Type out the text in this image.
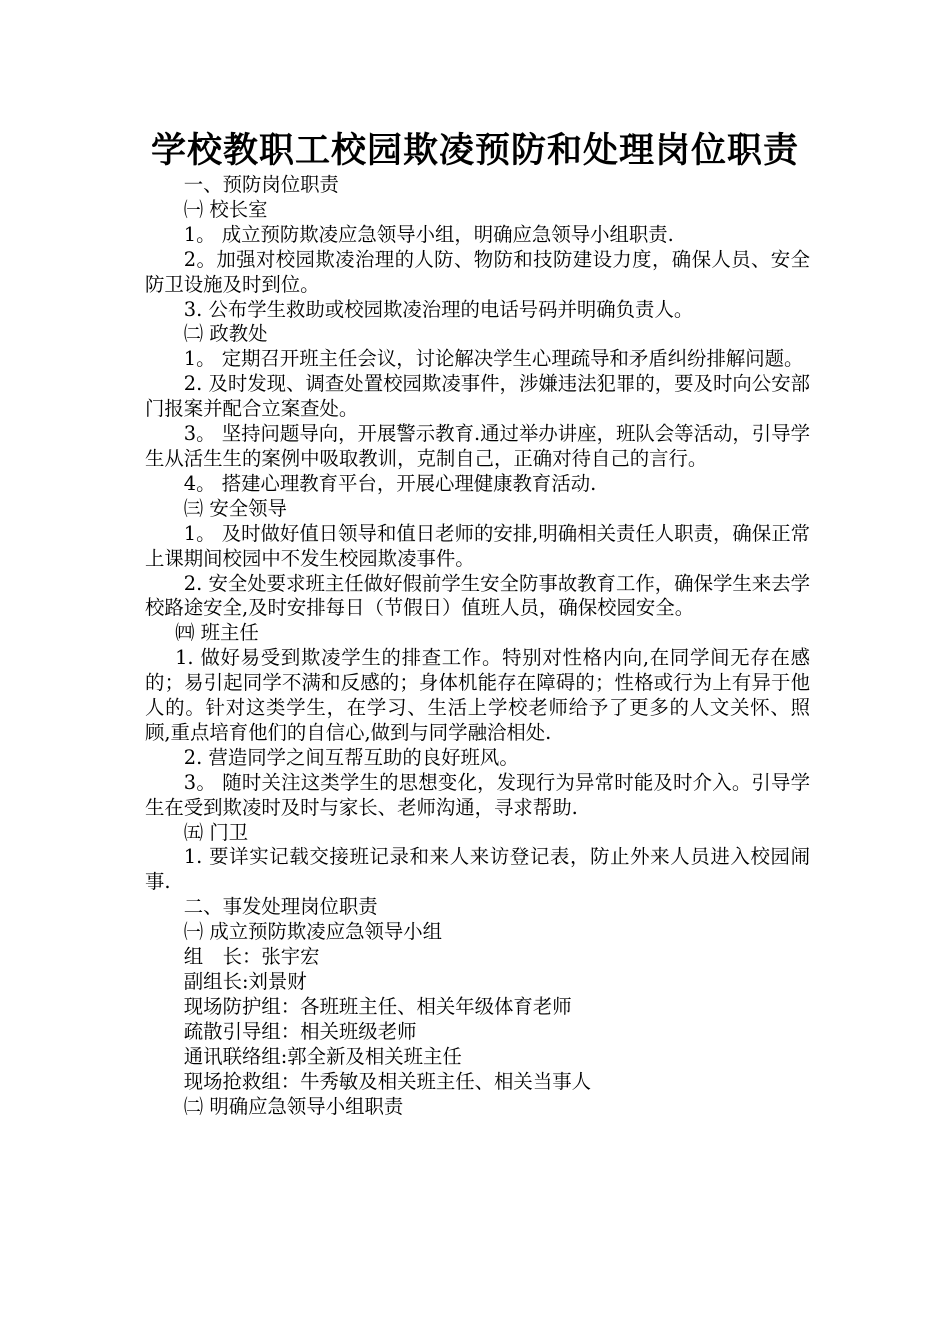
学校教职工校园欺凌预防和处理岗位职责

一、预防岗位职责

㈠ 校长室

1。 成立预防欺凌应急领导小组，明确应急领导小组职责.

2。加强对校园欺凌治理的人防、物防和技防建设力度，确保人员、安全防卫设施及时到位。

3. 公布学生救助或校园欺凌治理的电话号码并明确负责人。

㈡ 政教处

1。 定期召开班主任会议，讨论解决学生心理疏导和矛盾纠纷排解问题。

2. 及时发现、调查处置校园欺凌事件，涉嫌违法犯罪的，要及时向公安部门报案并配合立案查处。

3。 坚持问题导向，开展警示教育.通过举办讲座，班队会等活动，引导学生从活生生的案例中吸取教训，克制自己，正确对待自己的言行。

4。 搭建心理教育平台，开展心理健康教育活动.

㈢ 安全领导

1。 及时做好值日领导和值日老师的安排,明确相关责任人职责，确保正常上课期间校园中不发生校园欺凌事件。

2. 安全处要求班主任做好假前学生安全防事故教育工作，确保学生来去学校路途安全,及时安排每日（节假日）值班人员，确保校园安全。

㈣ 班主任

1. 做好易受到欺凌学生的排查工作。特别对性格内向,在同学间无存在感的；易引起同学不满和反感的；身体机能存在障碍的；性格或行为上有异于他人的。针对这类学生，在学习、生活上学校老师给予了更多的人文关怀、照顾,重点培育他们的自信心,做到与同学融洽相处.

2. 营造同学之间互帮互助的良好班风。

3。 随时关注这类学生的思想变化，发现行为异常时能及时介入。引导学生在受到欺凌时及时与家长、老师沟通，寻求帮助.

㈤ 门卫

1. 要详实记载交接班记录和来人来访登记表，防止外来人员进入校园闹事.

二、事发处理岗位职责

㈠ 成立预防欺凌应急领导小组

组　长：张宇宏

副组长:刘景财

现场防护组：各班班主任、相关年级体育老师

疏散引导组：相关班级老师

通讯联络组:郭全新及相关班主任

现场抢救组：牛秀敏及相关班主任、相关当事人

㈡ 明确应急领导小组职责
